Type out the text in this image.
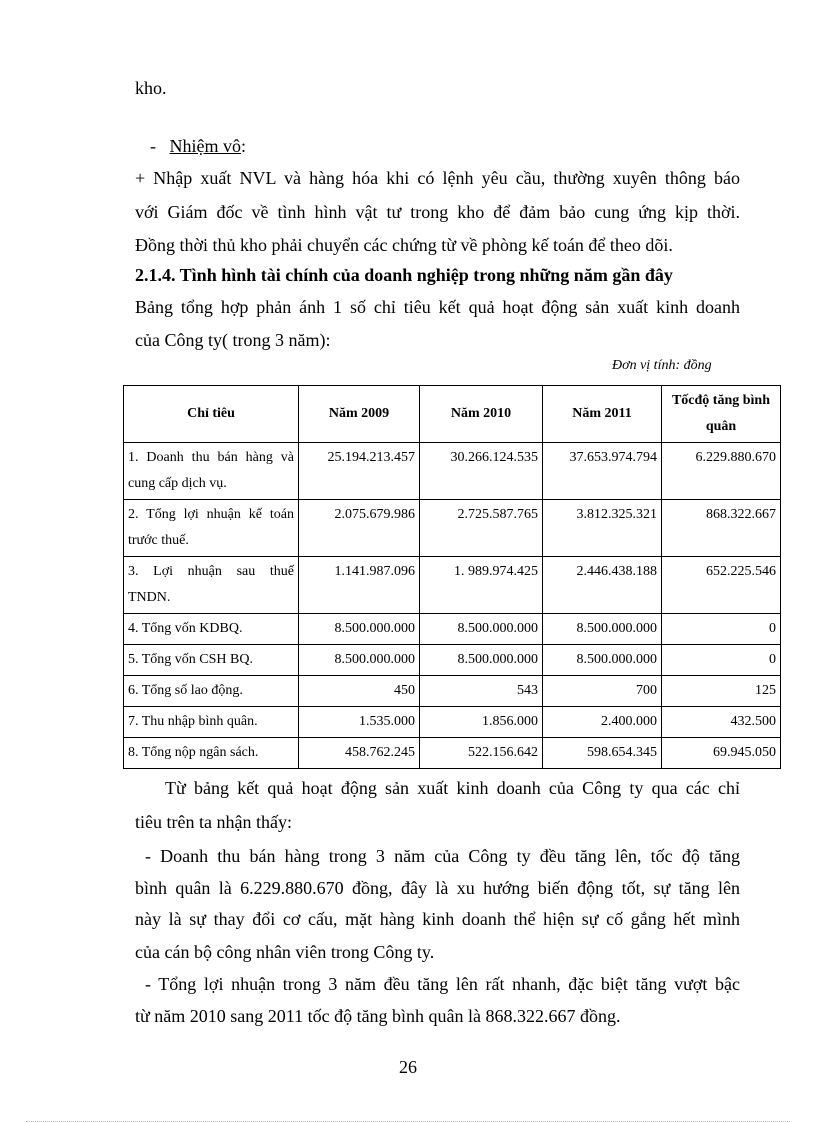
kho.
- Nhiệm vô:
+ Nhập xuất NVL và hàng hóa khi có lệnh yêu cầu, thường xuyên thông báo
với Giám đốc về tình hình vật tư trong kho để đảm bảo cung ứng kịp thời.
Đồng thời thủ kho phải chuyển các chứng từ về phòng kế toán để theo dõi.
2.1.4. Tình hình tài chính của doanh nghiệp trong những năm gần đây
Bảng tổng hợp phản ánh 1 số chỉ tiêu kết quả hoạt động sản xuất kinh doanh
của Công ty( trong 3 năm):
Đơn vị tính: đồng
Chỉ tiêu	Năm 2009	Năm 2010	Năm 2011	Tốcđộ tăng bình quân
1. Doanh thu bán hàng và cung cấp dịch vụ.	25.194.213.457	30.266.124.535	37.653.974.794	6.229.880.670
2. Tổng lợi nhuận kế toán trước thuế.	2.075.679.986	2.725.587.765	3.812.325.321	868.322.667
3. Lợi nhuận sau thuế TNDN.	1.141.987.096	1. 989.974.425	2.446.438.188	652.225.546
4. Tổng vốn KDBQ.	8.500.000.000	8.500.000.000	8.500.000.000	0
5. Tổng vốn CSH BQ.	8.500.000.000	8.500.000.000	8.500.000.000	0
6. Tổng số lao động.	450	543	700	125
7. Thu nhập bình quân.	1.535.000	1.856.000	2.400.000	432.500
8. Tổng nộp ngân sách.	458.762.245	522.156.642	598.654.345	69.945.050
Từ bảng kết quả hoạt động sản xuất kinh doanh của Công ty qua các chỉ
tiêu trên ta nhận thấy:
- Doanh thu bán hàng trong 3 năm của Công ty đều tăng lên, tốc độ tăng
bình quân là 6.229.880.670 đồng, đây là xu hướng biến động tốt, sự tăng lên
này là sự thay đổi cơ cấu, mặt hàng kinh doanh thể hiện sự cố gắng hết mình
của cán bộ công nhân viên trong Công ty.
- Tổng lợi nhuận trong 3 năm đều tăng lên rất nhanh, đặc biệt tăng vượt bậc
từ năm 2010 sang 2011 tốc độ tăng bình quân là 868.322.667 đồng.
26
